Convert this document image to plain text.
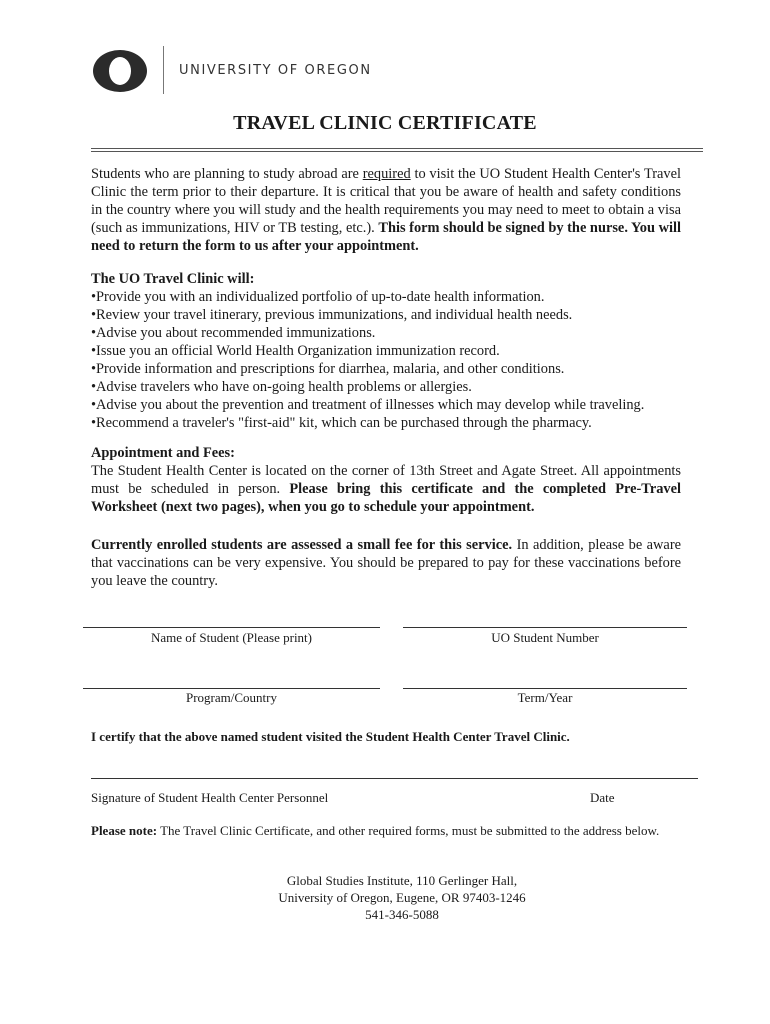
UNIVERSITY OF OREGON
TRAVEL CLINIC CERTIFICATE
Students who are planning to study abroad are required to visit the UO Student Health Center's Travel Clinic the term prior to their departure. It is critical that you be aware of health and safety conditions in the country where you will study and the health requirements you may need to meet to obtain a visa (such as immunizations, HIV or TB testing, etc.). This form should be signed by the nurse. You will need to return the form to us after your appointment.
The UO Travel Clinic will:
•Provide you with an individualized portfolio of up-to-date health information.
•Review your travel itinerary, previous immunizations, and individual health needs.
•Advise you about recommended immunizations.
•Issue you an official World Health Organization immunization record.
•Provide information and prescriptions for diarrhea, malaria, and other conditions.
•Advise travelers who have on-going health problems or allergies.
•Advise you about the prevention and treatment of illnesses which may develop while traveling.
•Recommend a traveler's "first-aid" kit, which can be purchased through the pharmacy.
Appointment and Fees:
The Student Health Center is located on the corner of 13th Street and Agate Street. All appointments must be scheduled in person. Please bring this certificate and the completed Pre-Travel Worksheet (next two pages), when you go to schedule your appointment.
Currently enrolled students are assessed a small fee for this service. In addition, please be aware that vaccinations can be very expensive. You should be prepared to pay for these vaccinations before you leave the country.
Name of Student (Please print)	UO Student Number
Program/Country	Term/Year
I certify that the above named student visited the Student Health Center Travel Clinic.
Signature of Student Health Center Personnel	Date
Please note: The Travel Clinic Certificate, and other required forms, must be submitted to the address below.
Global Studies Institute, 110 Gerlinger Hall,
University of Oregon, Eugene, OR 97403-1246
541-346-5088
